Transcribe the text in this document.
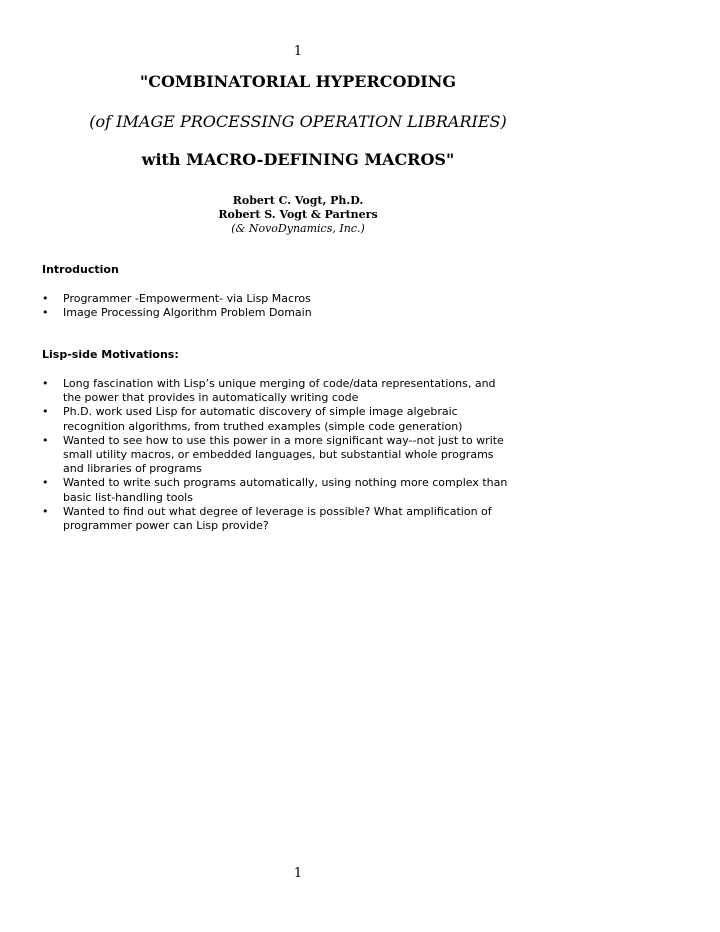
1
"COMBINATORIAL HYPERCODING
(of IMAGE PROCESSING OPERATION LIBRARIES)
with MACRO-DEFINING MACROS"
Robert C. Vogt, Ph.D.
Robert S. Vogt & Partners
(& NovoDynamics, Inc.)
Introduction
• Programmer -Empowerment- via Lisp Macros
• Image Processing Algorithm Problem Domain
Lisp-side Motivations:
• Long fascination with Lisp’s unique merging of code/data representations, and
the power that provides in automatically writing code
• Ph.D. work used Lisp for automatic discovery of simple image algebraic
recognition algorithms, from truthed examples (simple code generation)
• Wanted to see how to use this power in a more significant way--not just to write
small utility macros, or embedded languages, but substantial whole programs
and libraries of programs
• Wanted to write such programs automatically, using nothing more complex than
basic list-handling tools
• Wanted to find out what degree of leverage is possible? What amplification of
programmer power can Lisp provide?
1
